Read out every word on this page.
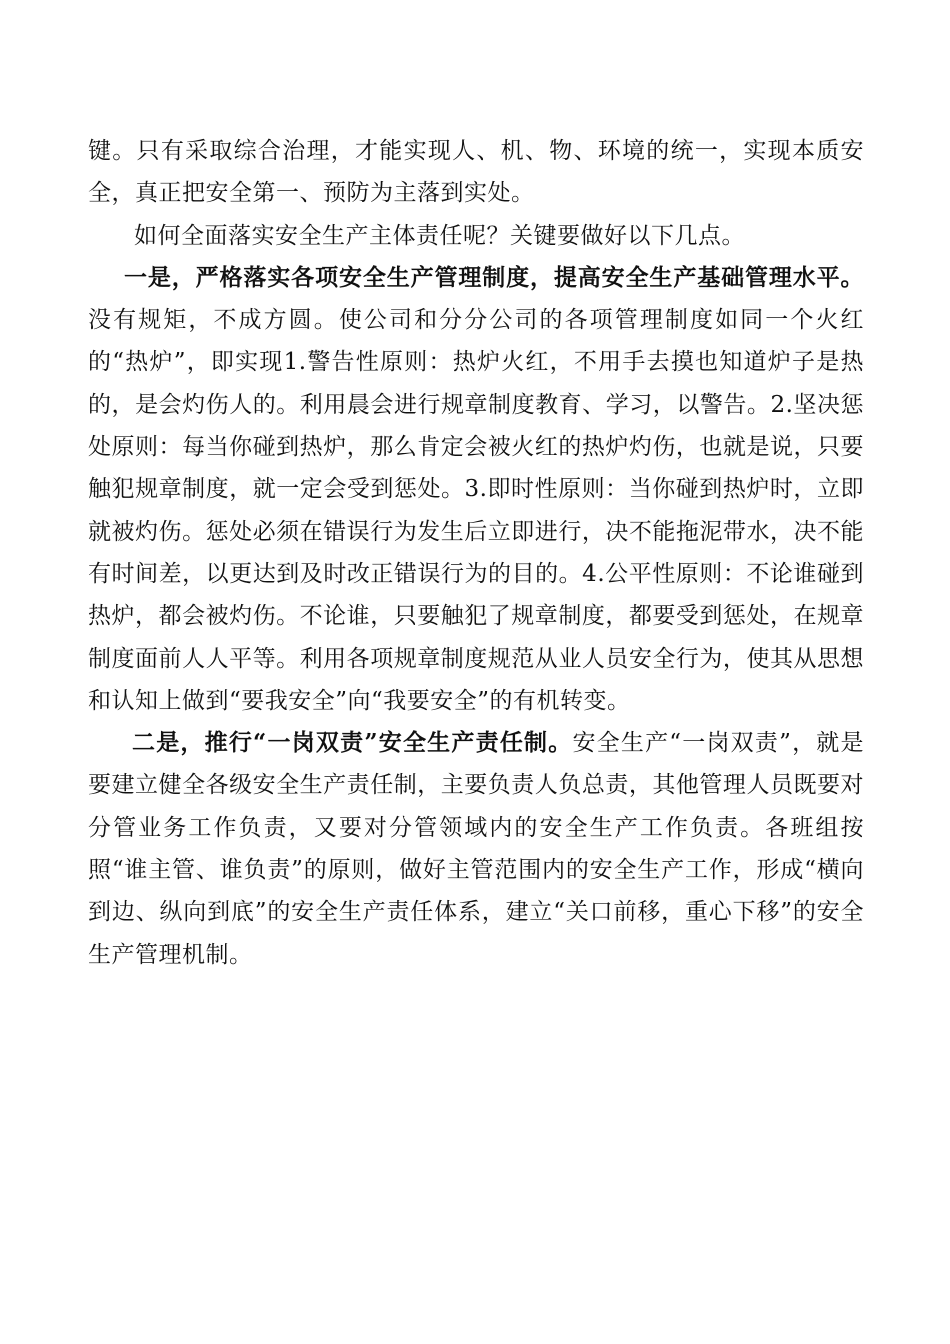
键。只有采取综合治理，才能实现人、机、物、环境的统一，实现本质安全，真正把安全第一、预防为主落到实处。

如何全面落实安全生产主体责任呢？关键要做好以下几点。

一是，严格落实各项安全生产管理制度，提高安全生产基础管理水平。没有规矩，不成方圆。使公司和分分公司的各项管理制度如同一个火红的“热炉”，即实现1.警告性原则：热炉火红，不用手去摸也知道炉子是热的，是会灼伤人的。利用晨会进行规章制度教育、学习，以警告。2.坚决惩处原则：每当你碰到热炉，那么肯定会被火红的热炉灼伤，也就是说，只要触犯规章制度，就一定会受到惩处。3.即时性原则：当你碰到热炉时，立即就被灼伤。惩处必须在错误行为发生后立即进行，决不能拖泥带水，决不能有时间差，以更达到及时改正错误行为的目的。4.公平性原则：不论谁碰到热炉，都会被灼伤。不论谁，只要触犯了规章制度，都要受到惩处，在规章制度面前人人平等。利用各项规章制度规范从业人员安全行为，使其从思想和认知上做到“要我安全”向“我要安全”的有机转变。

二是，推行“一岗双责”安全生产责任制。安全生产“一岗双责”，就是要建立健全各级安全生产责任制，主要负责人负总责，其他管理人员既要对分管业务工作负责，又要对分管领域内的安全生产工作负责。各班组按照“谁主管、谁负责”的原则，做好主管范围内的安全生产工作，形成“横向到边、纵向到底”的安全生产责任体系，建立“关口前移，重心下移”的安全生产管理机制。
